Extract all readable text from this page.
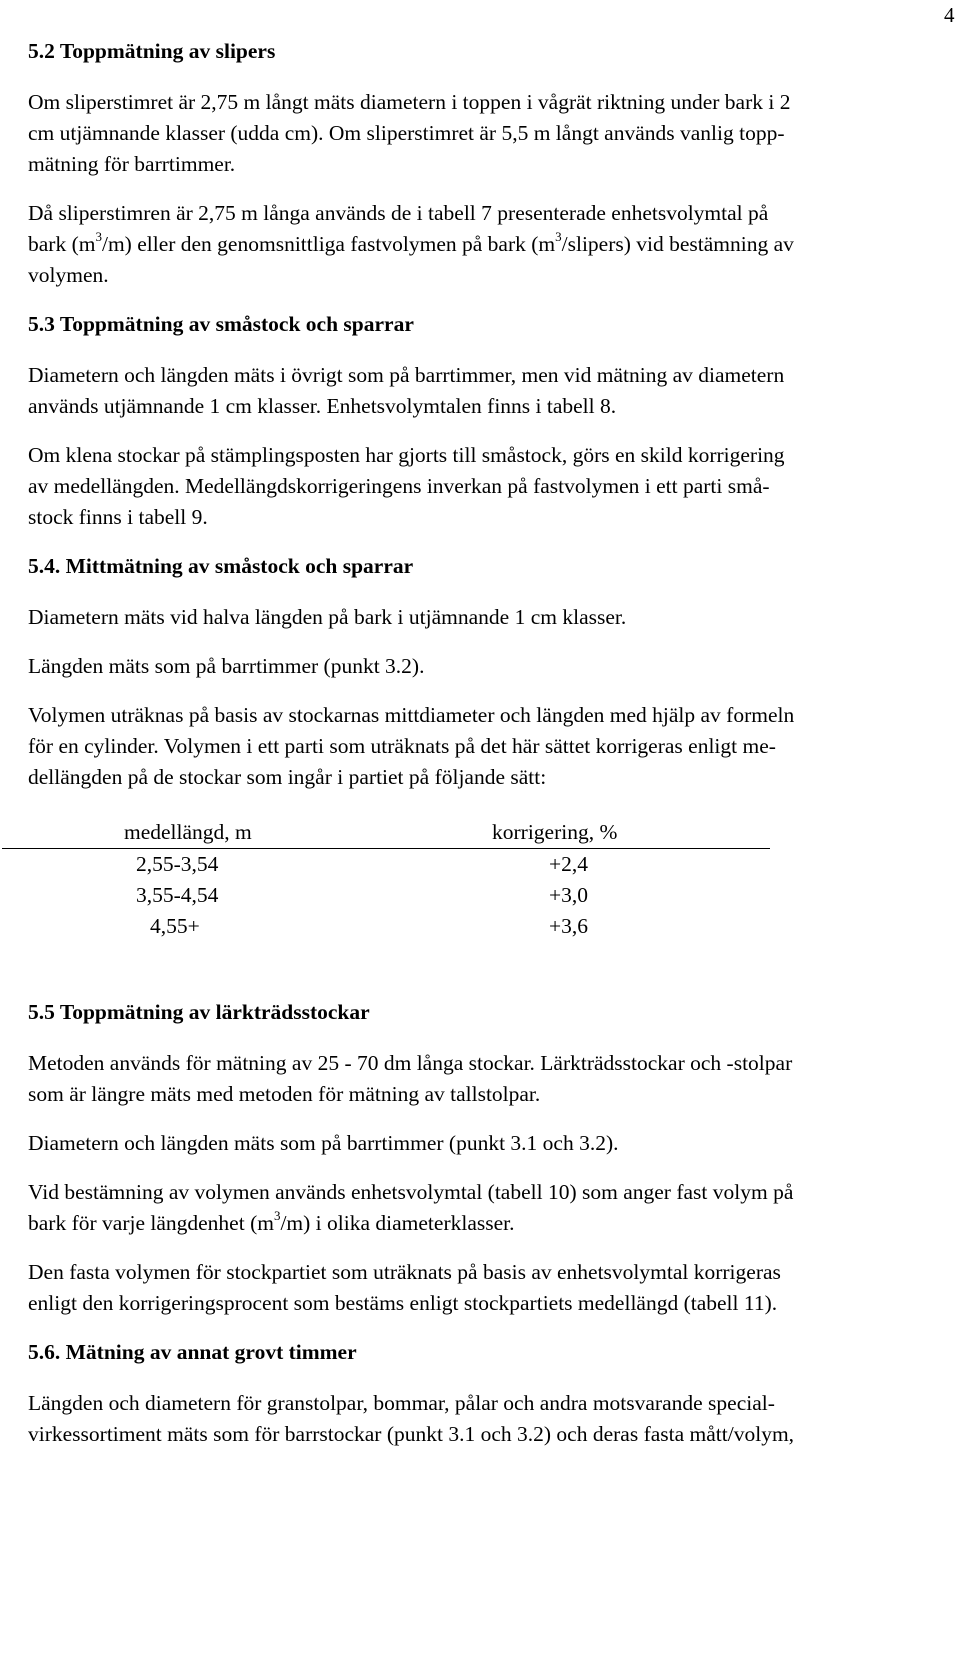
4
5.2 Toppmätning av slipers

Om sliperstimret är 2,75 m långt mäts diametern i toppen i vågrät riktning under bark i 2
cm utjämnande klasser (udda cm). Om sliperstimret är 5,5 m långt används vanlig topp-
mätning för barrtimmer.

Då sliperstimren är 2,75 m långa används de i tabell 7 presenterade enhetsvolymtal på
bark $(m^3/m)$ eller den genomsnittliga fastvolymen på bark $(m^3/slipers)$ vid bestämning av
volymen.

5.3 Toppmätning av småstock och sparrar

Diametern och längden mäts i övrigt som på barrtimmer, men vid mätning av diametern
används utjämnande 1 cm klasser. Enhetsvolymtalen finns i tabell 8.

Om klena stockar på stämplingsposten har gjorts till småstock, görs en skild korrigering
av medellängden. Medellängdskorrigeringens inverkan på fastvolymen i ett parti små-
stock finns i tabell 9.

5.4. Mittmätning av småstock och sparrar

Diametern mäts vid halva längden på bark i utjämnande 1 cm klasser.

Längden mäts som på barrtimmer (punkt 3.2).

Volymen uträknas på basis av stockarnas mittdiameter och längden med hjälp av formeln
för en cylinder. Volymen i ett parti som uträknats på det här sättet korrigeras enligt me-
dellängden på de stockar som ingår i partiet på följande sätt:

medellängd, m	korrigering, %
2,55-3,54	+2,4
3,55-4,54	+3,0
4,55+	+3,6
5.5 Toppmätning av lärkträdsstockar

Metoden används för mätning av 25 - 70 dm långa stockar. Lärkträdsstockar och -stolpar
som är längre mäts med metoden för mätning av tallstolpar.

Diametern och längden mäts som på barrtimmer (punkt 3.1 och 3.2).

Vid bestämning av volymen används enhetsvolymtal (tabell 10) som anger fast volym på
bark för varje längdenhet $(m^3/m)$ i olika diameterklasser.

Den fasta volymen för stockpartiet som uträknats på basis av enhetsvolymtal korrigeras
enligt den korrigeringsprocent som bestäms enligt stockpartiets medellängd (tabell 11).

5.6. Mätning av annat grovt timmer

Längden och diametern för granstolpar, bommar, pålar och andra motsvarande special-
virkessortiment mäts som för barrstockar (punkt 3.1 och 3.2) och deras fasta mått/volym,
